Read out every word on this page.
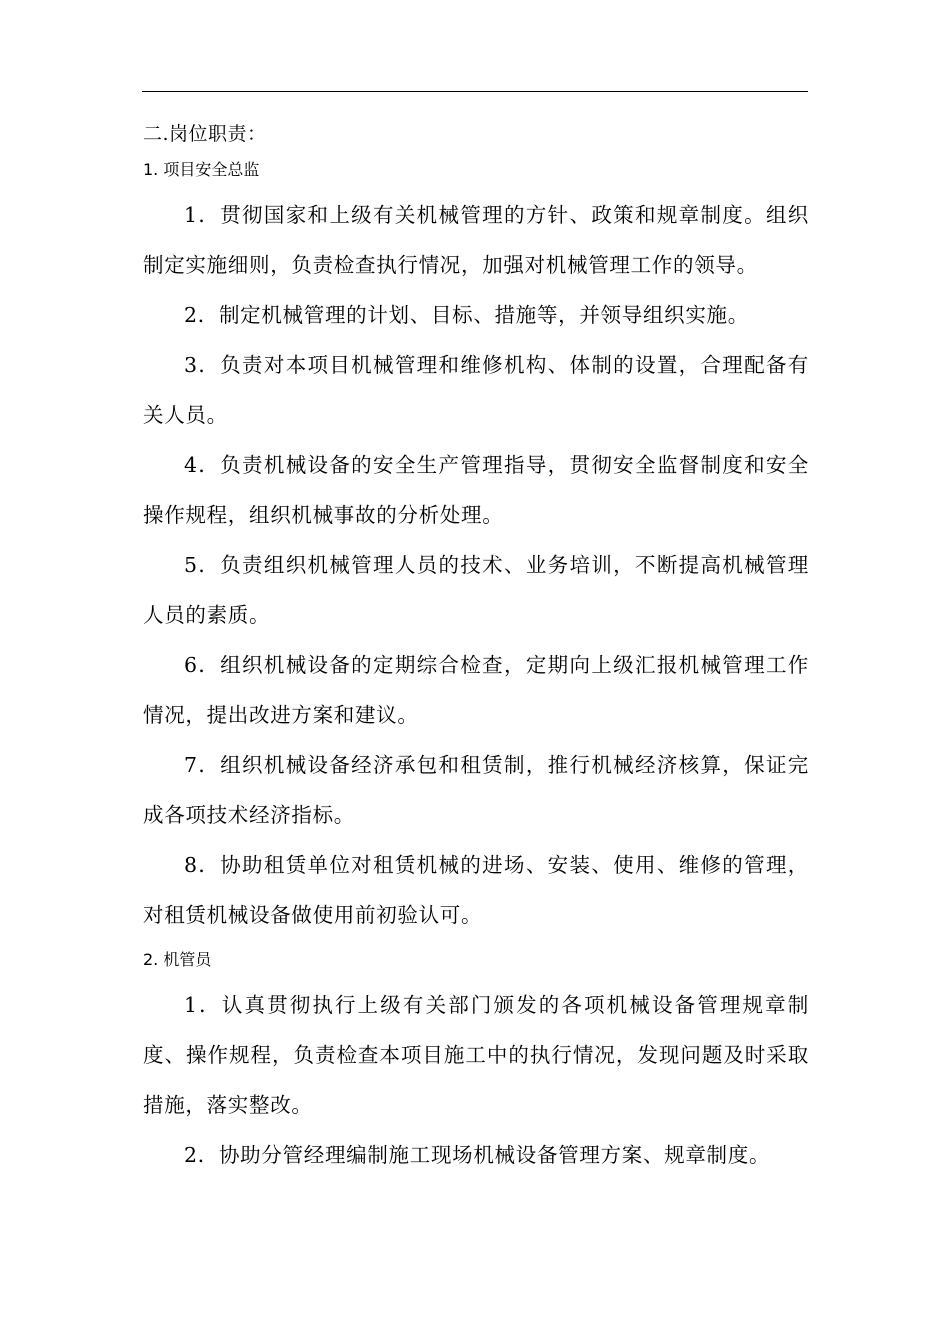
二.岗位职责：

1. 项目安全总监

1．贯彻国家和上级有关机械管理的方针、政策和规章制度。组织制定实施细则，负责检查执行情况，加强对机械管理工作的领导。

2．制定机械管理的计划、目标、措施等，并领导组织实施。

3．负责对本项目机械管理和维修机构、体制的设置，合理配备有关人员。

4．负责机械设备的安全生产管理指导，贯彻安全监督制度和安全操作规程，组织机械事故的分析处理。

5．负责组织机械管理人员的技术、业务培训，不断提高机械管理人员的素质。

6．组织机械设备的定期综合检查，定期向上级汇报机械管理工作情况，提出改进方案和建议。

7．组织机械设备经济承包和租赁制，推行机械经济核算，保证完成各项技术经济指标。

8．协助租赁单位对租赁机械的进场、安装、使用、维修的管理，对租赁机械设备做使用前初验认可。

2. 机管员

1．认真贯彻执行上级有关部门颁发的各项机械设备管理规章制度、操作规程，负责检查本项目施工中的执行情况，发现问题及时采取措施，落实整改。

2．协助分管经理编制施工现场机械设备管理方案、规章制度。
